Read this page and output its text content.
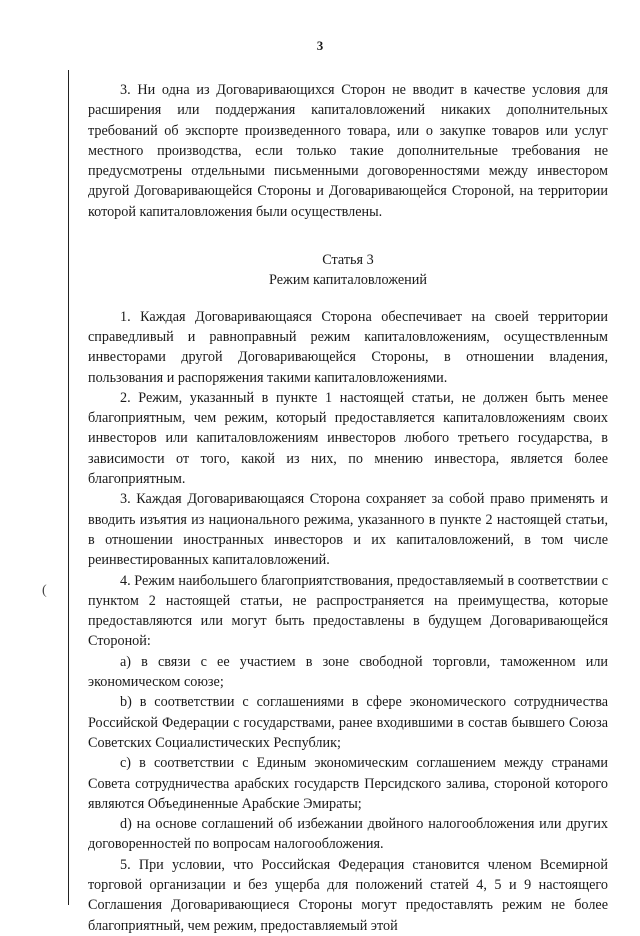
3
(

3. Ни одна из Договаривающихся Сторон не вводит в качестве условия для расширения или поддержания капиталовложений никаких дополнительных требований об экспорте произведенного товара, или о закупке товаров или услуг местного производства, если только такие дополнительные требования не предусмотрены отдельными письменными договоренностями между инвестором другой Договаривающейся Стороны и Договаривающейся Стороной, на территории которой капиталовложения были осуществлены.

Статья 3

Режим капиталовложений

1. Каждая Договаривающаяся Сторона обеспечивает на своей территории справедливый и равноправный режим капиталовложениям, осуществленным инвесторами другой Договаривающейся Стороны, в отношении владения, пользования и распоряжения такими капиталовложениями.

2. Режим, указанный в пункте 1 настоящей статьи, не должен быть менее благоприятным, чем режим, который предоставляется капиталовложениям своих инвесторов или капиталовложениям инвесторов любого третьего государства, в зависимости от того, какой из них, по мнению инвестора, является более благоприятным.

3. Каждая Договаривающаяся Сторона сохраняет за собой право применять и вводить изъятия из национального режима, указанного в пункте 2 настоящей статьи, в отношении иностранных инвесторов и их капиталовложений, в том числе реинвестированных капиталовложений.

4. Режим наибольшего благоприятствования, предоставляемый в соответствии с пунктом 2 настоящей статьи, не распространяется на преимущества, которые предоставляются или могут быть предоставлены в будущем Договаривающейся Стороной:

a) в связи с ее участием в зоне свободной торговли, таможенном или экономическом союзе;

b) в соответствии с соглашениями в сфере экономического сотрудничества Российской Федерации с государствами, ранее входившими в состав бывшего Союза Советских Социалистических Республик;

c) в соответствии с Единым экономическим соглашением между странами Совета сотрудничества арабских государств Персидского залива, стороной которого являются Объединенные Арабские Эмираты;

d) на основе соглашений об избежании двойного налогообложения или других договоренностей по вопросам налогообложения.

5. При условии, что Российская Федерация становится членом Всемирной торговой организации и без ущерба для положений статей 4, 5 и 9 настоящего Соглашения Договаривающиеся Стороны могут предоставлять режим не более благоприятный, чем режим, предоставляемый этой
